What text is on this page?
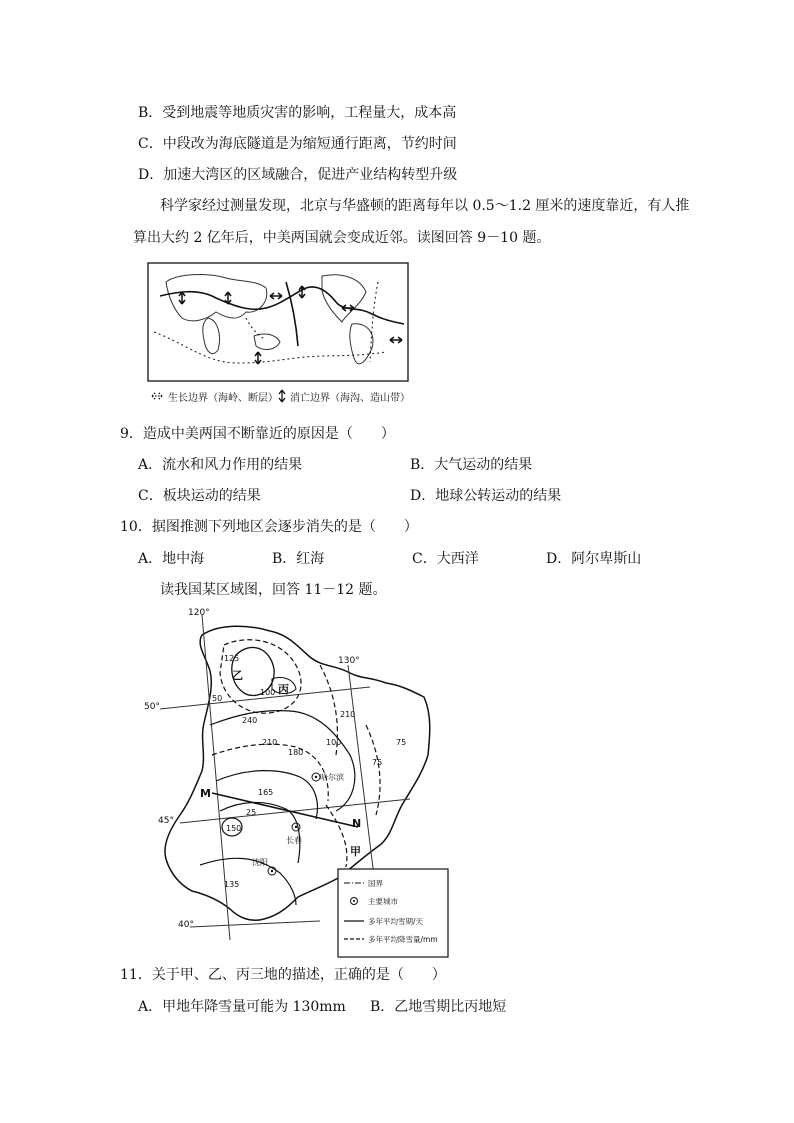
B．受到地震等地质灾害的影响，工程量大，成本高
C．中段改为海底隧道是为缩短通行距离，节约时间
D．加速大湾区的区域融合，促进产业结构转型升级
科学家经过测量发现，北京与华盛顿的距离每年以 0.5～1.2 厘米的速度靠近，有人推
算出大约 2 亿年后，中美两国就会变成近邻。读图回答 9－10 题。
生长边界（海岭、断层） 消亡边界（海沟、造山带）
9．造成中美两国不断靠近的原因是（　　）
A．流水和风力作用的结果	B．大气运动的结果
C．板块运动的结果	D．地球公转运动的结果
10．据图推测下列地区会逐步消失的是（　　）
A．地中海	B．红海	C．大西洋	D．阿尔卑斯山
读我国某区域图，回答 11－12 题。
120°
130°
50°
45°
40°
哈尔滨
长春
沈阳
125
100
75
240
210
180
165
150
135
50
25
100
75
210
乙
丙
甲
M
N
国界
主要城市
多年平均雪期/天
多年平均降雪量/mm
11．关于甲、乙、丙三地的描述，正确的是（　　）
A．甲地年降雪量可能为 130mm B．乙地雪期比丙地短
